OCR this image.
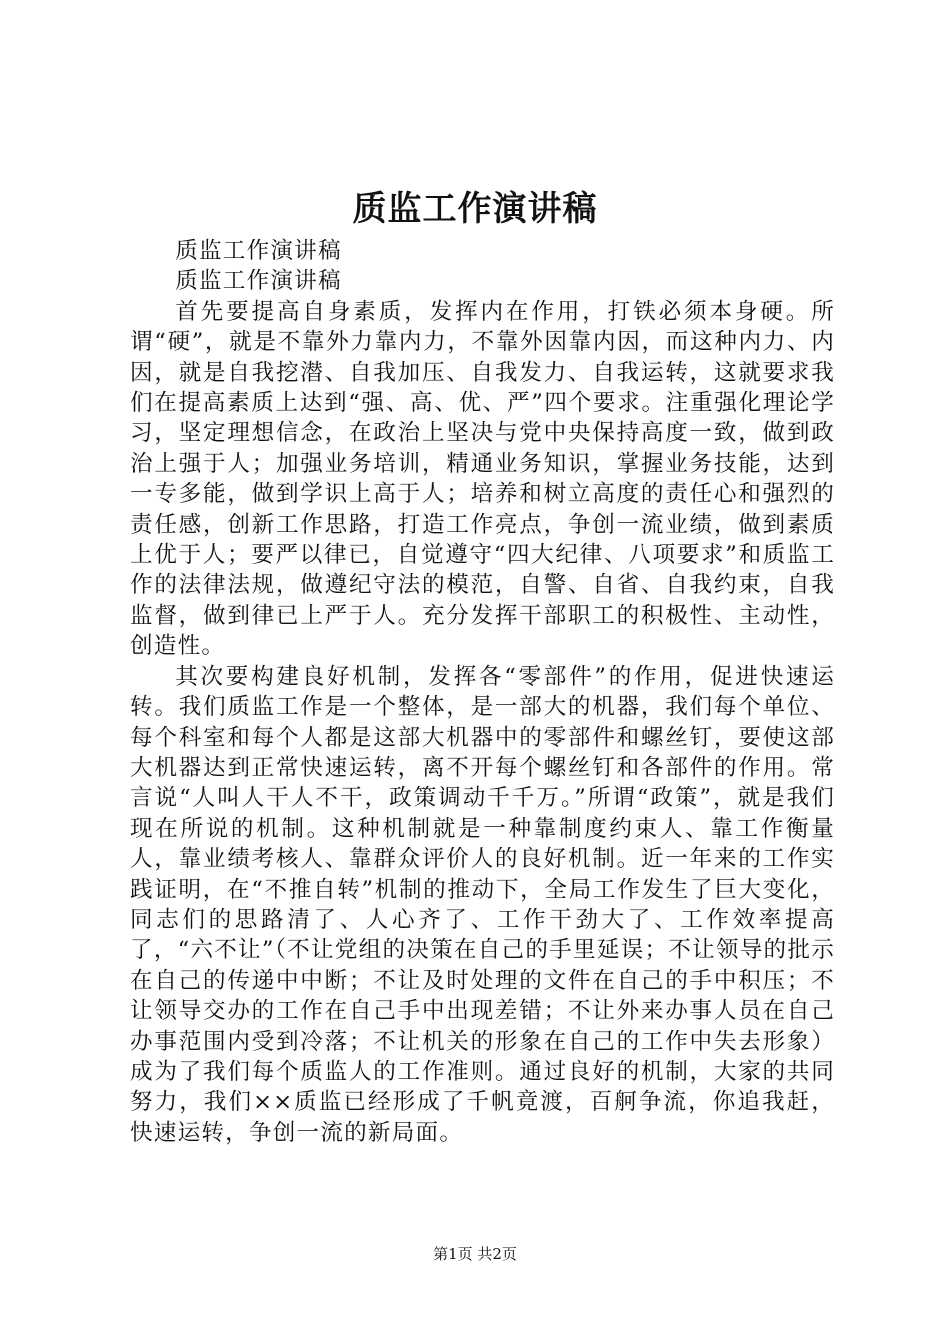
质监工作演讲稿

质监工作演讲稿

质监工作演讲稿

首先要提高自身素质，发挥内在作用，打铁必须本身硬。所谓“硬”，就是不靠外力靠内力，不靠外因靠内因，而这种内力、内因，就是自我挖潜、自我加压、自我发力、自我运转，这就要求我们在提高素质上达到“强、高、优、严”四个要求。注重强化理论学习，坚定理想信念，在政治上坚决与党中央保持高度一致，做到政治上强于人；加强业务培训，精通业务知识，掌握业务技能，达到一专多能，做到学识上高于人；培养和树立高度的责任心和强烈的责任感，创新工作思路，打造工作亮点，争创一流业绩，做到素质上优于人；要严以律已，自觉遵守“四大纪律、八项要求”和质监工作的法律法规，做遵纪守法的模范，自警、自省、自我约束，自我监督，做到律已上严于人。充分发挥干部职工的积极性、主动性，创造性。

其次要构建良好机制，发挥各“零部件”的作用，促进快速运转。我们质监工作是一个整体，是一部大的机器，我们每个单位、每个科室和每个人都是这部大机器中的零部件和螺丝钉，要使这部大机器达到正常快速运转，离不开每个螺丝钉和各部件的作用。常言说“人叫人干人不干，政策调动千千万。”所谓“政策”，就是我们现在所说的机制。这种机制就是一种靠制度约束人、靠工作衡量人，靠业绩考核人、靠群众评价人的良好机制。近一年来的工作实践证明，在“不推自转”机制的推动下，全局工作发生了巨大变化，同志们的思路清了、人心齐了、工作干劲大了、工作效率提高了，“六不让”（不让党组的决策在自己的手里延误；不让领导的批示在自己的传递中中断；不让及时处理的文件在自己的手中积压；不让领导交办的工作在自己手中出现差错；不让外来办事人员在自己办事范围内受到冷落；不让机关的形象在自己的工作中失去形象）成为了我们每个质监人的工作准则。通过良好的机制，大家的共同努力，我们××质监已经形成了千帆竟渡，百舸争流，你追我赶，快速运转，争创一流的新局面。

第1页 共2页
